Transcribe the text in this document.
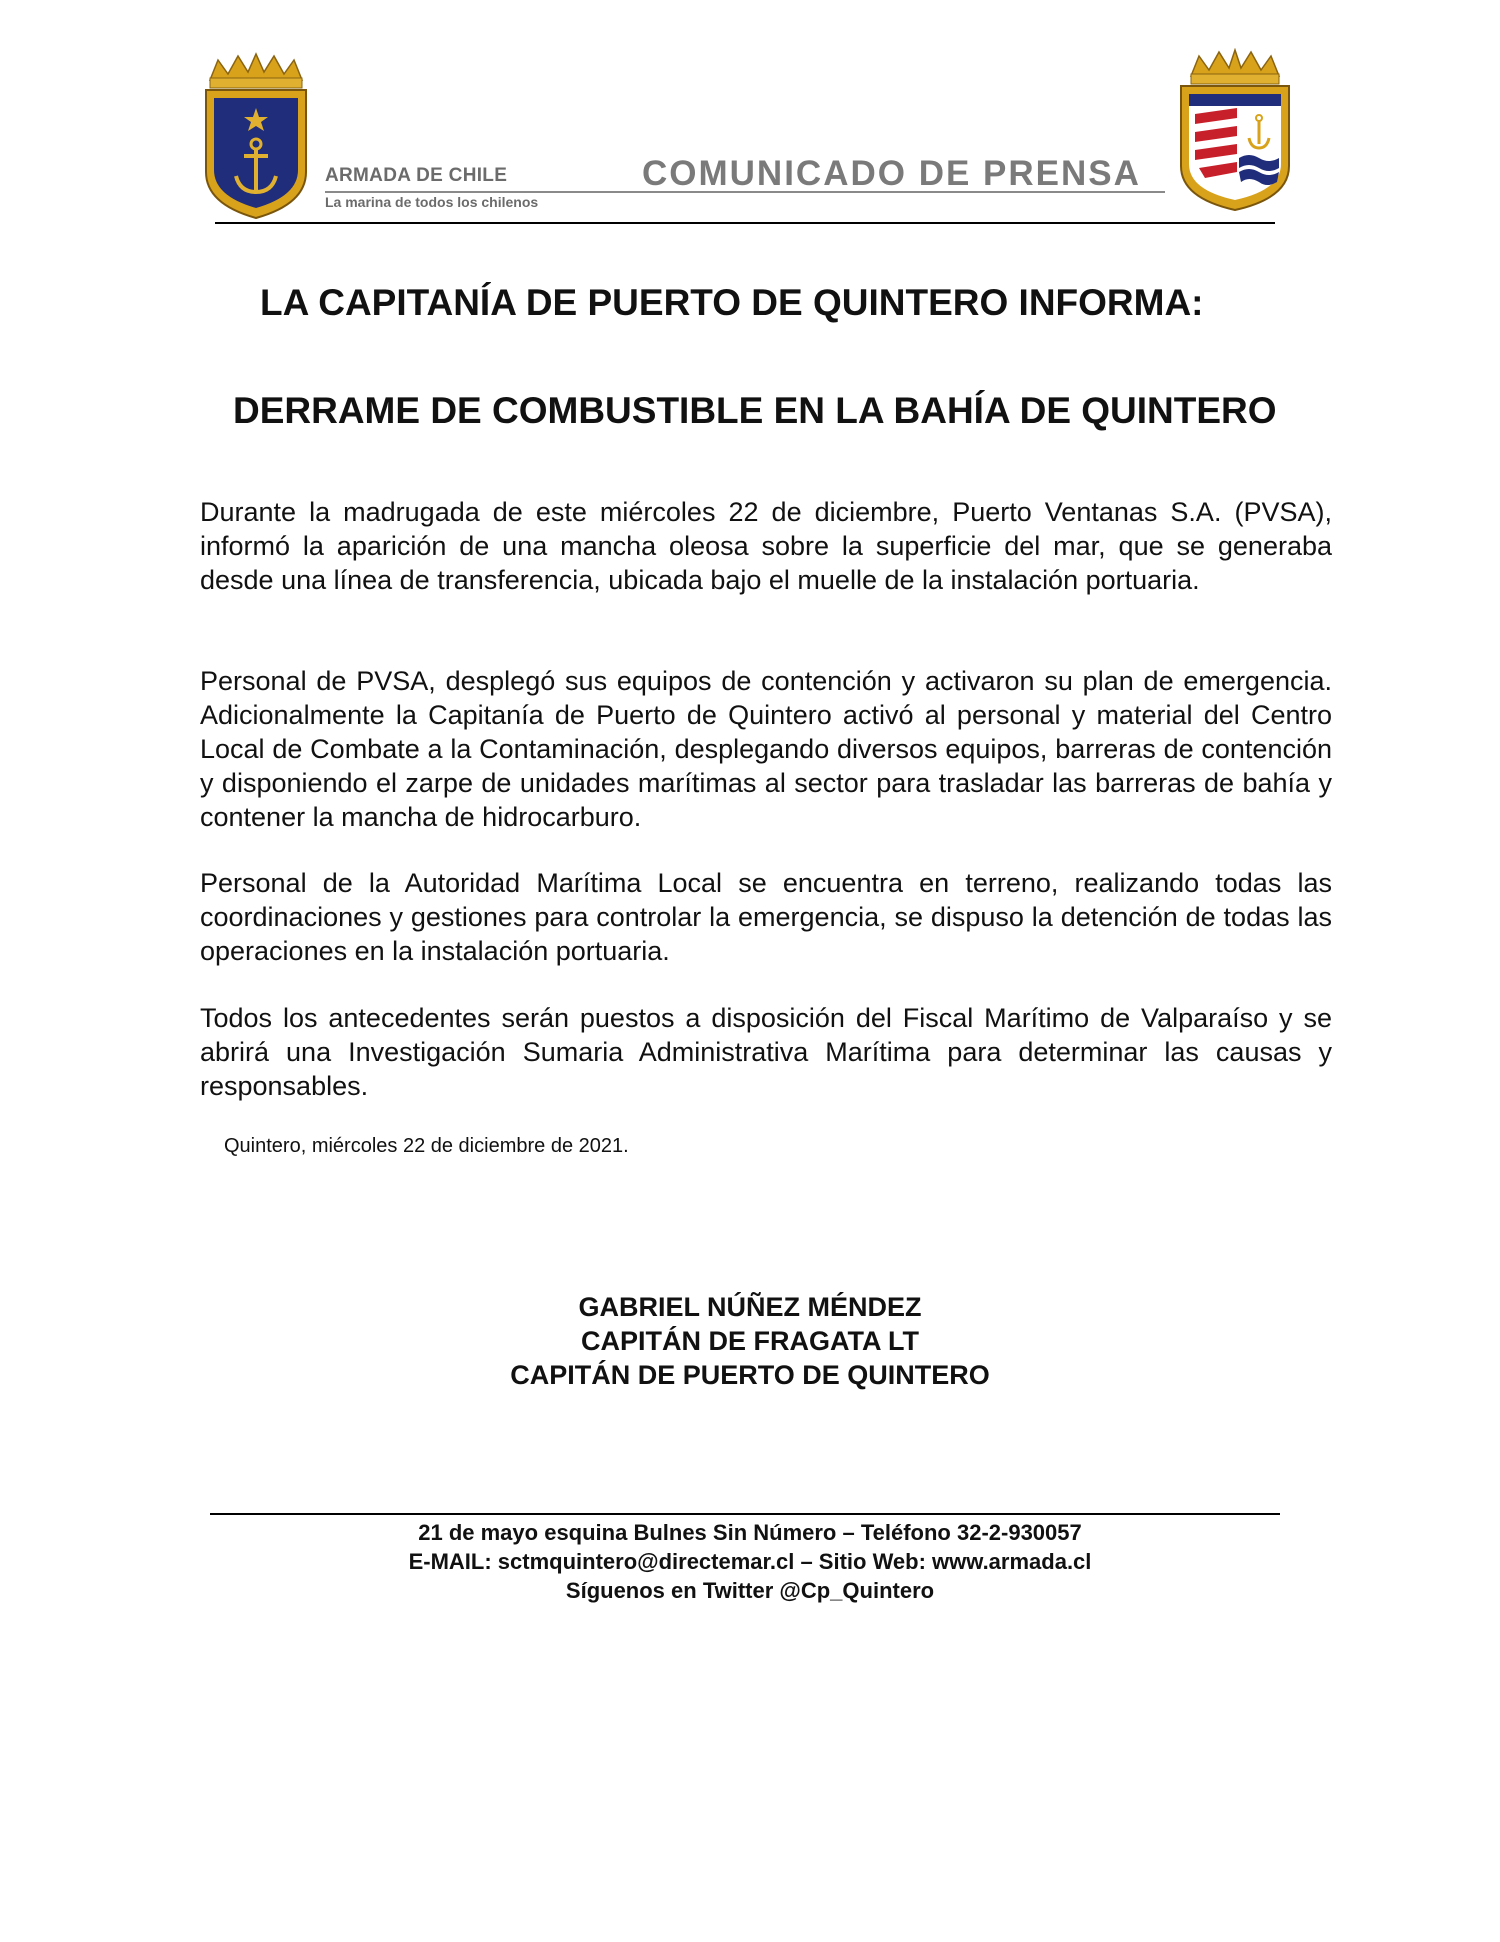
ARMADA DE CHILE
La marina de todos los chilenos
COMUNICADO DE PRENSA
LA CAPITANÍA DE PUERTO DE QUINTERO INFORMA:
DERRAME DE COMBUSTIBLE EN LA BAHÍA DE QUINTERO
Durante la madrugada de este miércoles 22 de diciembre, Puerto Ventanas S.A. (PVSA), informó la aparición de una mancha oleosa sobre la superficie del mar, que se generaba desde una línea de transferencia, ubicada bajo el muelle de la instalación portuaria.
Personal de PVSA, desplegó sus equipos de contención y activaron su plan de emergencia. Adicionalmente la Capitanía de Puerto de Quintero activó al personal y material del Centro Local de Combate a la Contaminación, desplegando diversos equipos, barreras de contención y disponiendo el zarpe de unidades marítimas al sector para trasladar las barreras de bahía y contener la mancha de hidrocarburo.
Personal de la Autoridad Marítima Local se encuentra en terreno, realizando todas las coordinaciones y gestiones para controlar la emergencia, se dispuso la detención de todas las operaciones en la instalación portuaria.
Todos los antecedentes serán puestos a disposición del Fiscal Marítimo de Valparaíso y se abrirá una Investigación Sumaria Administrativa Marítima para determinar las causas y responsables.
Quintero, miércoles 22 de diciembre de 2021.
GABRIEL NÚÑEZ MÉNDEZ
CAPITÁN DE FRAGATA LT
CAPITÁN DE PUERTO DE QUINTERO
21 de mayo esquina Bulnes Sin Número – Teléfono 32-2-930057
E-MAIL: sctmquintero@directemar.cl – Sitio Web: www.armada.cl
Síguenos en Twitter @Cp_Quintero
